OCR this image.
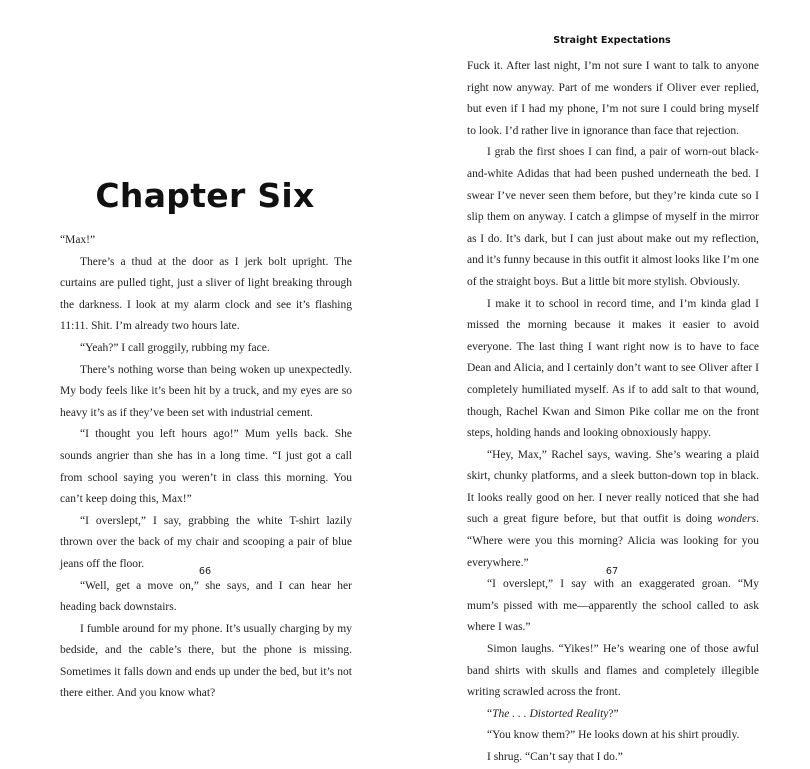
Chapter Six

“Max!”

There’s a thud at the door as I jerk bolt upright. The curtains are pulled tight, just a sliver of light breaking through the darkness. I look at my alarm clock and see it’s flashing 11:11. Shit. I’m already two hours late.

“Yeah?” I call groggily, rubbing my face.

There’s nothing worse than being woken up unexpectedly. My body feels like it’s been hit by a truck, and my eyes are so heavy it’s as if they’ve been set with industrial cement.

“I thought you left hours ago!” Mum yells back. She sounds angrier than she has in a long time. “I just got a call from school saying you weren’t in class this morning. You can’t keep doing this, Max!”

“I overslept,” I say, grabbing the white T-shirt lazily thrown over the back of my chair and scooping a pair of blue jeans off the floor.

“Well, get a move on,” she says, and I can hear her heading back downstairs.

I fumble around for my phone. It’s usually charging by my bedside, and the cable’s there, but the phone is missing. Sometimes it falls down and ends up under the bed, but it’s not there either. And you know what?

66
Straight Expectations

Fuck it. After last night, I’m not sure I want to talk to anyone right now anyway. Part of me wonders if Oliver ever replied, but even if I had my phone, I’m not sure I could bring myself to look. I’d rather live in ignorance than face that rejection.

I grab the first shoes I can find, a pair of worn-out black-and-white Adidas that had been pushed underneath the bed. I swear I’ve never seen them before, but they’re kinda cute so I slip them on anyway. I catch a glimpse of myself in the mirror as I do. It’s dark, but I can just about make out my reflection, and it’s funny because in this outfit it almost looks like I’m one of the straight boys. But a little bit more stylish. Obviously.

I make it to school in record time, and I’m kinda glad I missed the morning because it makes it easier to avoid everyone. The last thing I want right now is to have to face Dean and Alicia, and I certainly don’t want to see Oliver after I completely humiliated myself. As if to add salt to that wound, though, Rachel Kwan and Simon Pike collar me on the front steps, holding hands and looking obnoxiously happy.

“Hey, Max,” Rachel says, waving. She’s wearing a plaid skirt, chunky platforms, and a sleek button-down top in black. It looks really good on her. I never really noticed that she had such a great figure before, but that outfit is doing wonders. “Where were you this morning? Alicia was looking for you everywhere.”

“I overslept,” I say with an exaggerated groan. “My mum’s pissed with me—apparently the school called to ask where I was.”

Simon laughs. “Yikes!” He’s wearing one of those awful band shirts with skulls and flames and completely illegible writing scrawled across the front.

“The . . . Distorted Reality?”

“You know them?” He looks down at his shirt proudly.

I shrug. “Can’t say that I do.”

67
